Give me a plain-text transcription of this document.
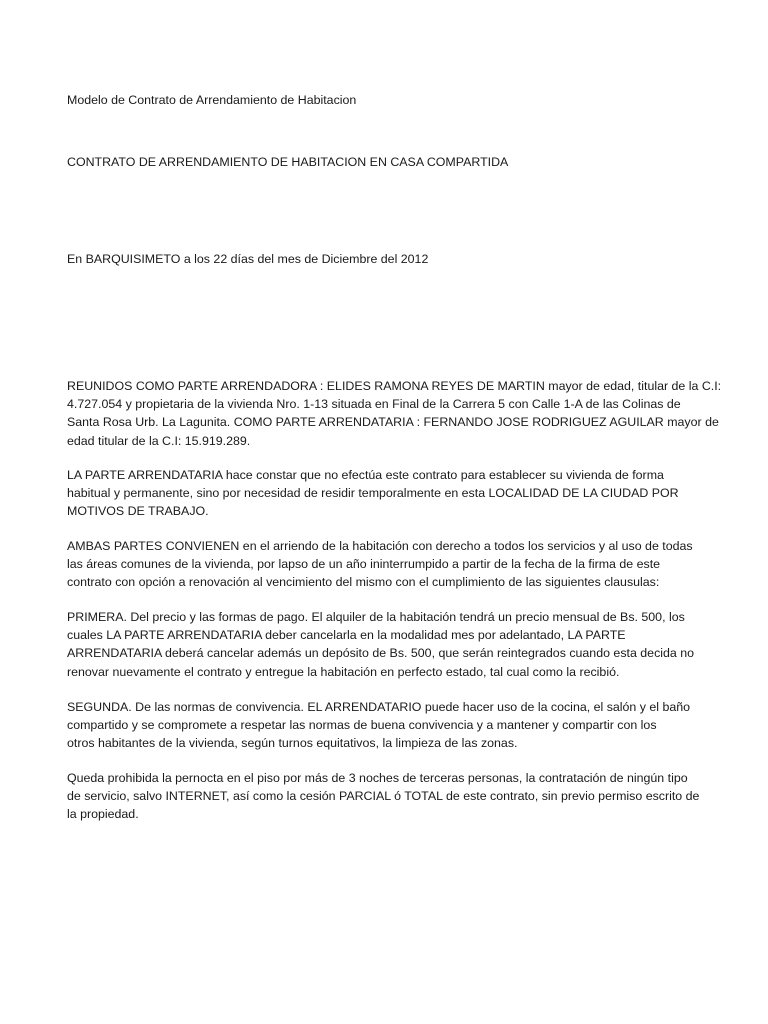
Modelo de Contrato de Arrendamiento de Habitacion
CONTRATO DE ARRENDAMIENTO DE HABITACION EN CASA COMPARTIDA
En BARQUISIMETO a los 22 días del mes de Diciembre del 2012

REUNIDOS COMO PARTE ARRENDADORA : ELIDES RAMONA REYES DE MARTIN mayor de edad, titular de la C.I:

4.727.054 y propietaria de la vivienda Nro. 1-13 situada en Final de la Carrera 5 con Calle 1-A de las Colinas de

Santa Rosa Urb. La Lagunita. COMO PARTE ARRENDATARIA : FERNANDO JOSE RODRIGUEZ AGUILAR mayor de

edad titular de la C.I: 15.919.289.

LA PARTE ARRENDATARIA hace constar que no efectúa este contrato para establecer su vivienda de forma

habitual y permanente, sino por necesidad de residir temporalmente en esta LOCALIDAD DE LA CIUDAD POR

MOTIVOS DE TRABAJO.

AMBAS PARTES CONVIENEN en el arriendo de la habitación con derecho a todos los servicios y al uso de todas

las áreas comunes de la vivienda, por lapso de un año ininterrumpido a partir de la fecha de la firma de este

contrato con opción a renovación al vencimiento del mismo con el cumplimiento de las siguientes clausulas:

PRIMERA. Del precio y las formas de pago. El alquiler de la habitación tendrá un precio mensual de Bs. 500, los

cuales LA PARTE ARRENDATARIA deber cancelarla en la modalidad mes por adelantado, LA PARTE

ARRENDATARIA deberá cancelar además un depósito de Bs. 500, que serán reintegrados cuando esta decida no

renovar nuevamente el contrato y entregue la habitación en perfecto estado, tal cual como la recibió.

SEGUNDA. De las normas de convivencia. EL ARRENDATARIO puede hacer uso de la cocina, el salón y el baño

compartido y se compromete a respetar las normas de buena convivencia y a mantener y compartir con los

otros habitantes de la vivienda, según turnos equitativos, la limpieza de las zonas.

Queda prohibida la pernocta en el piso por más de 3 noches de terceras personas, la contratación de ningún tipo

de servicio, salvo INTERNET, así como la cesión PARCIAL ó TOTAL de este contrato, sin previo permiso escrito de

la propiedad.
